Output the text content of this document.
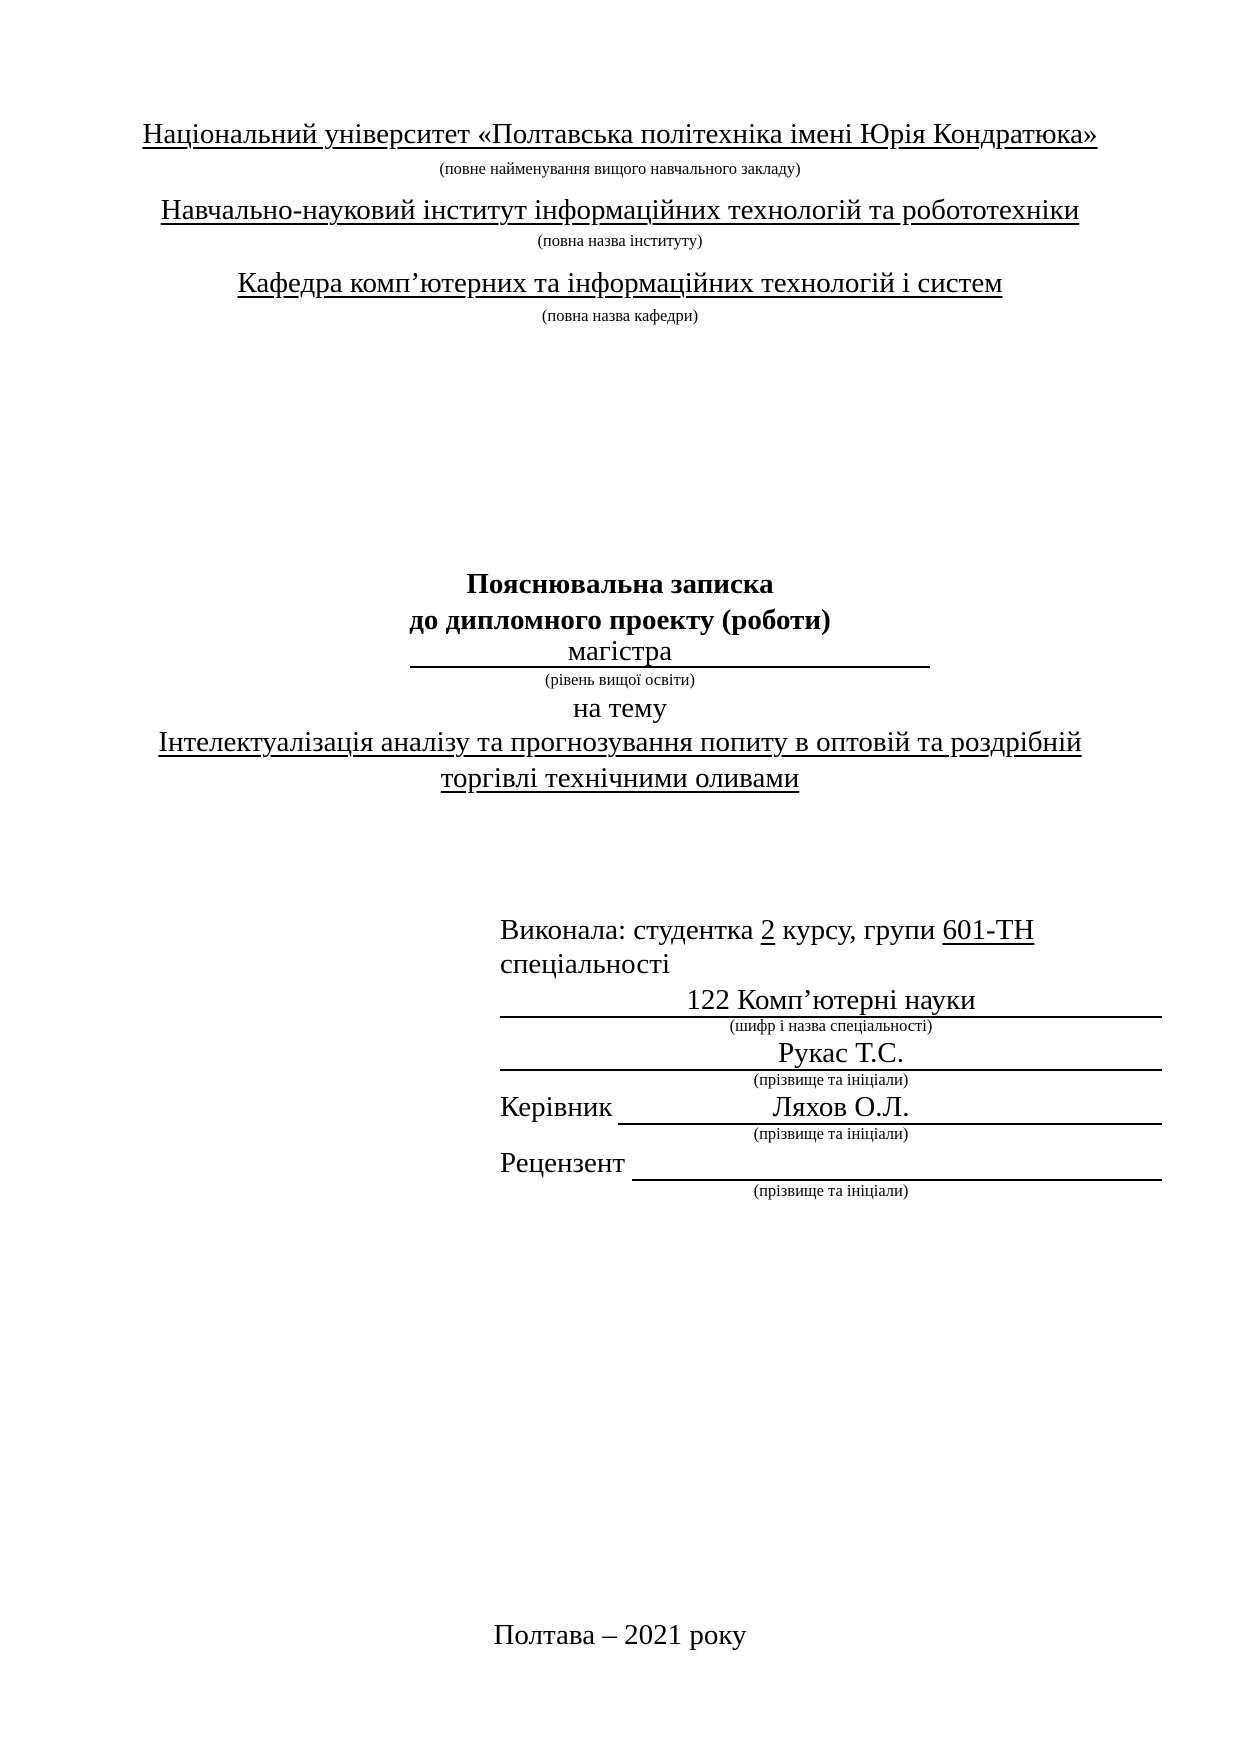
Національний університет «Полтавська політехніка імені Юрія Кондратюка»
(повне найменування вищого навчального закладу)
Навчально-науковий інститут інформаційних технологій та робототехніки
(повна назва інституту)
Кафедра комп’ютерних та інформаційних технологій і систем
(повна назва кафедри)
Пояснювальна записка
до дипломного проекту (роботи)
магістра
(рівень вищої освіти)
на тему
Інтелектуалізація аналізу та прогнозування попиту в оптовій та роздрібній
торгівлі технічними оливами
Виконала: студентка 2 курсу, групи 601-ТН
спеціальності
122 Комп’ютерні науки
(шифр і назва спеціальності)
Рукас Т.С.
(прізвище та ініціали)
Керівник	Ляхов О.Л.
(прізвище та ініціали)
Рецензент
(прізвище та ініціали)
Полтава – 2021 року
